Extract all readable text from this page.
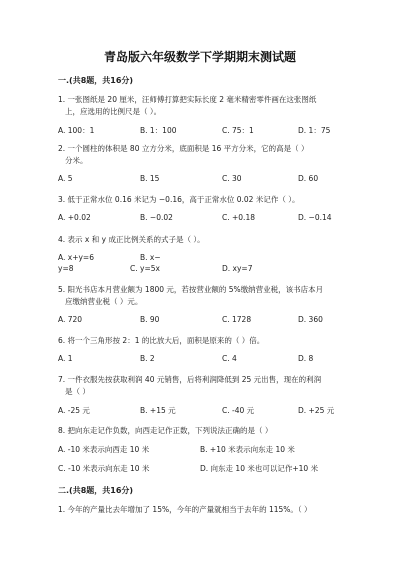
青岛版六年级数学下学期期末测试题
一.(共8题，共16分)
1. 一张图纸是 20 厘米，汪师傅打算把实际长度 2 毫米精密零件画在这张图纸
上，应选用的比例尺是（ ）。
A. 100：1	B. 1：100	C. 75：1	D. 1：75
2. 一个圆柱的体积是 80 立方分米，底面积是 16 平方分米，它的高是（ ）
分米。
A. 5	B. 15	C. 30	D. 60
3. 低于正常水位 0.16 米记为 −0.16，高于正常水位 0.02 米记作（ ）。
A. +0.02	B. −0.02	C. +0.18	D. −0.14
4. 表示 x 和 y 成正比例关系的式子是（ ）。
A. x+y=6	B. x−
y=8	C. y=5x	D. xy=7
5. 阳光书店本月营业额为 1800 元，若按营业额的 5%缴纳营业税，该书店本月
应缴纳营业税（ ）元。
A. 720	B. 90	C. 1728	D. 360
6. 将一个三角形按 2：1 的比放大后，面积是原来的（ ）倍。
A. 1	B. 2	C. 4	D. 8
7. 一件衣服先按获取利润 40 元销售，后将利润降低到 25 元出售，现在的利润
是（ ）
A. -25 元	B. +15 元	C. -40 元	D. +25 元
8. 把向东走记作负数，向西走记作正数，下列说法正确的是（ ）
A. -10 米表示向西走 10 米	B. +10 米表示向东走 10 米
C. -10 米表示向东走 10 米	D. 向东走 10 米也可以记作+10 米
二.(共8题，共16分)
1. 今年的产量比去年增加了 15%，今年的产量就相当于去年的 115%。（ ）
